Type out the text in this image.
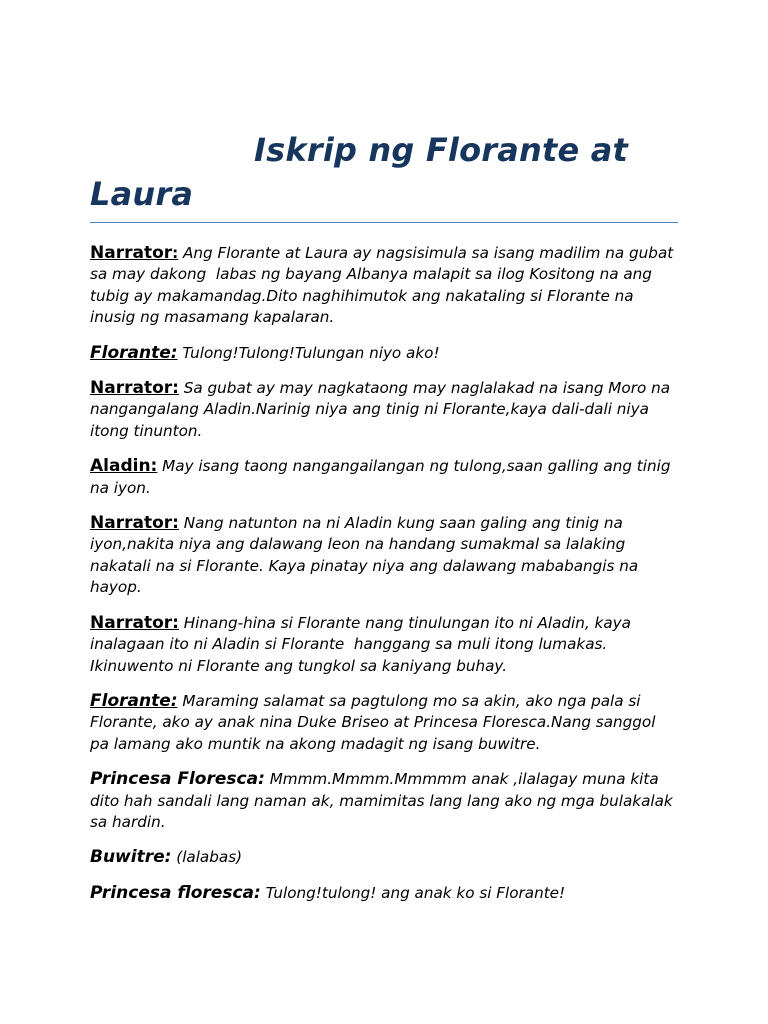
Iskrip ng Florante at Laura

Narrator: Ang Florante at Laura ay nagsisimula sa isang madilim na gubat sa may dakong  labas ng bayang Albanya malapit sa ilog Kositong na ang tubig ay makamandag.Dito naghihimutok ang nakataling si Florante na inusig ng masamang kapalaran.

Florante: Tulong!Tulong!Tulungan niyo ako!

Narrator: Sa gubat ay may nagkataong may naglalakad na isang Moro na nangangalang Aladin.Narinig niya ang tinig ni Florante,kaya dali-dali niya itong tinunton.

Aladin: May isang taong nangangailangan ng tulong,saan galling ang tinig na iyon.

Narrator: Nang natunton na ni Aladin kung saan galing ang tinig na iyon,nakita niya ang dalawang leon na handang sumakmal sa lalaking nakatali na si Florante. Kaya pinatay niya ang dalawang mababangis na hayop.

Narrator: Hinang-hina si Florante nang tinulungan ito ni Aladin, kaya inalagaan ito ni Aladin si Florante  hanggang sa muli itong lumakas. Ikinuwento ni Florante ang tungkol sa kaniyang buhay.

Florante: Maraming salamat sa pagtulong mo sa akin, ako nga pala si Florante, ako ay anak nina Duke Briseo at Princesa Floresca.Nang sanggol pa lamang ako muntik na akong madagit ng isang buwitre.

Princesa Floresca: Mmmm.Mmmm.Mmmmm anak ,ilalagay muna kita dito hah sandali lang naman ak, mamimitas lang lang ako ng mga bulakalak sa hardin.

Buwitre: (lalabas)

Princesa floresca: Tulong!tulong! ang anak ko si Florante!
